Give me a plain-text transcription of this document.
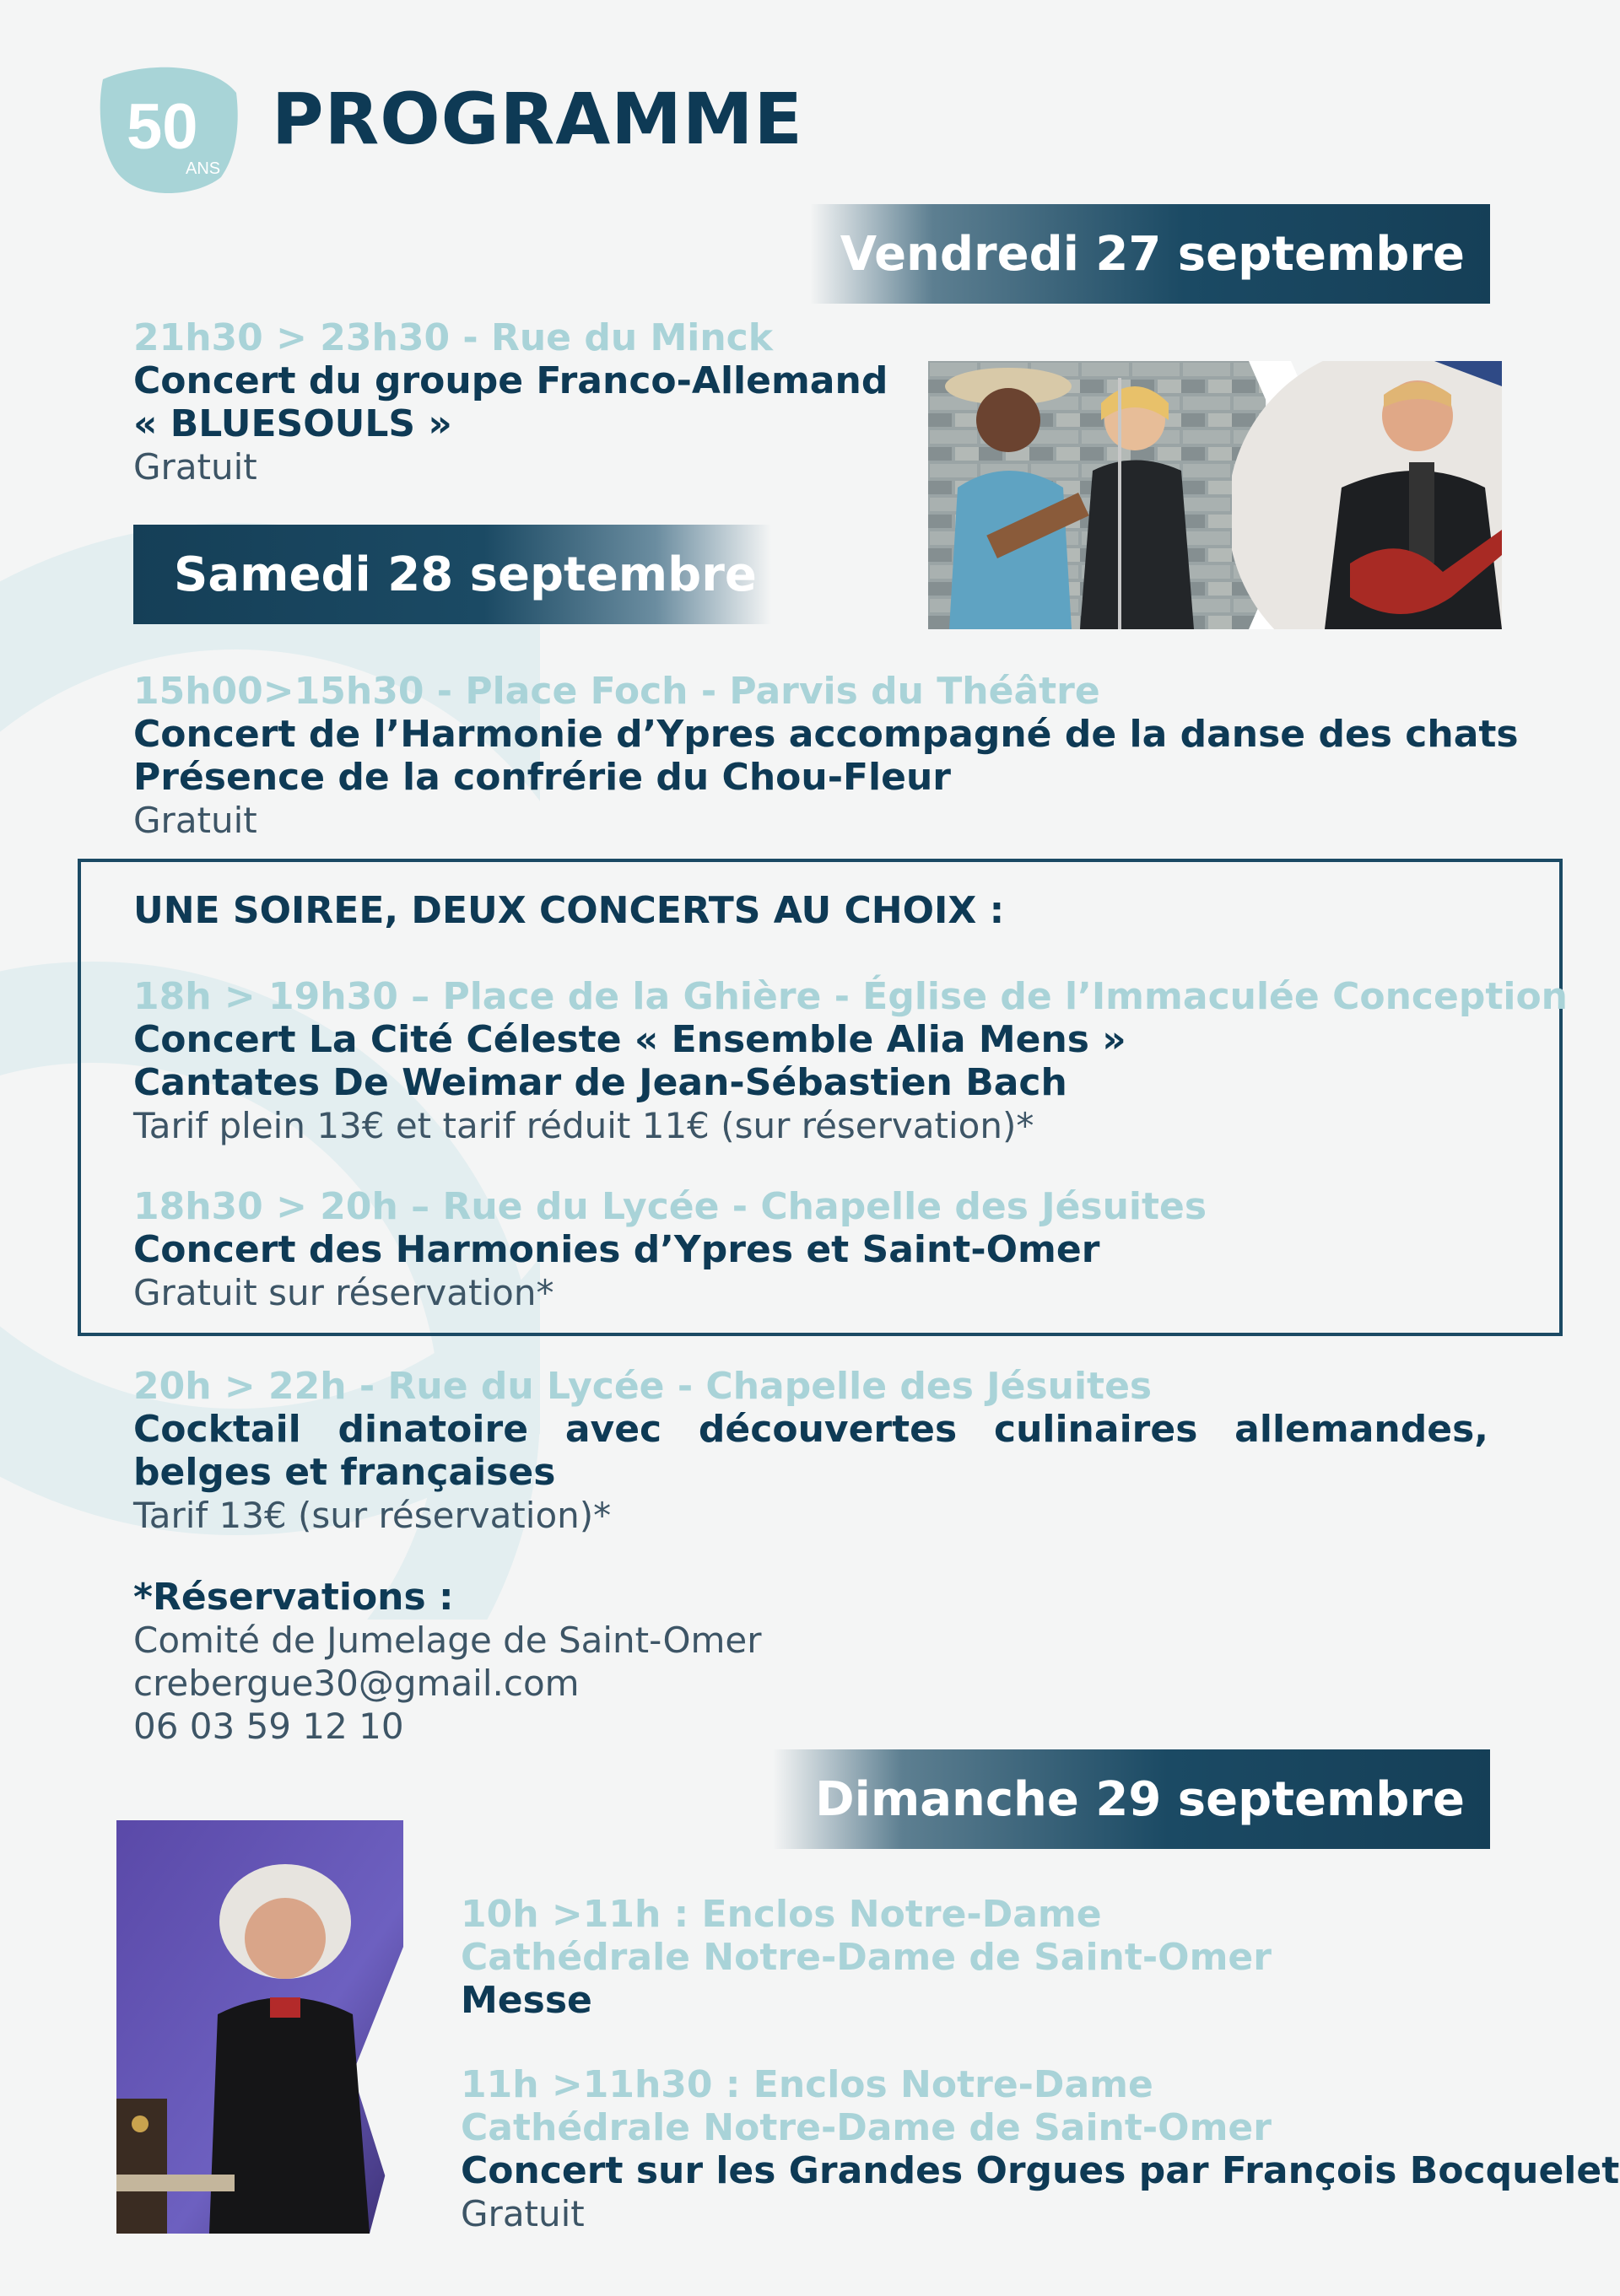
50
ANS
PROGRAMME
Vendredi 27 septembre
21h30 > 23h30 - Rue du Minck
Concert du groupe Franco-Allemand
« BLUESOULS »
Gratuit
Samedi 28 septembre
15h00>15h30 - Place Foch - Parvis du Théâtre
Concert de l’Harmonie d’Ypres accompagné de la danse des chats
Présence de la confrérie du Chou-Fleur
Gratuit
UNE SOIREE, DEUX CONCERTS AU CHOIX :
18h > 19h30 – Place de la Ghière - Église de l’Immaculée Conception
Concert La Cité Céleste « Ensemble Alia Mens »
Cantates De Weimar de Jean-Sébastien Bach
Tarif plein 13€ et tarif réduit 11€ (sur réservation)*
18h30 > 20h – Rue du Lycée - Chapelle des Jésuites
Concert des Harmonies d’Ypres et Saint-Omer
Gratuit sur réservation*
20h > 22h - Rue du Lycée - Chapelle des Jésuites
Cocktail dinatoire avec découvertes culinaires allemandes, belges et françaises
Tarif 13€ (sur réservation)*
*Réservations :
Comité de Jumelage de Saint-Omer
crebergue30@gmail.com
06 03 59 12 10
Dimanche 29 septembre
10h >11h : Enclos Notre-Dame
Cathédrale Notre-Dame de Saint-Omer
Messe
11h >11h30 : Enclos Notre-Dame
Cathédrale Notre-Dame de Saint-Omer
Concert sur les Grandes Orgues par François Bocquelet
Gratuit
